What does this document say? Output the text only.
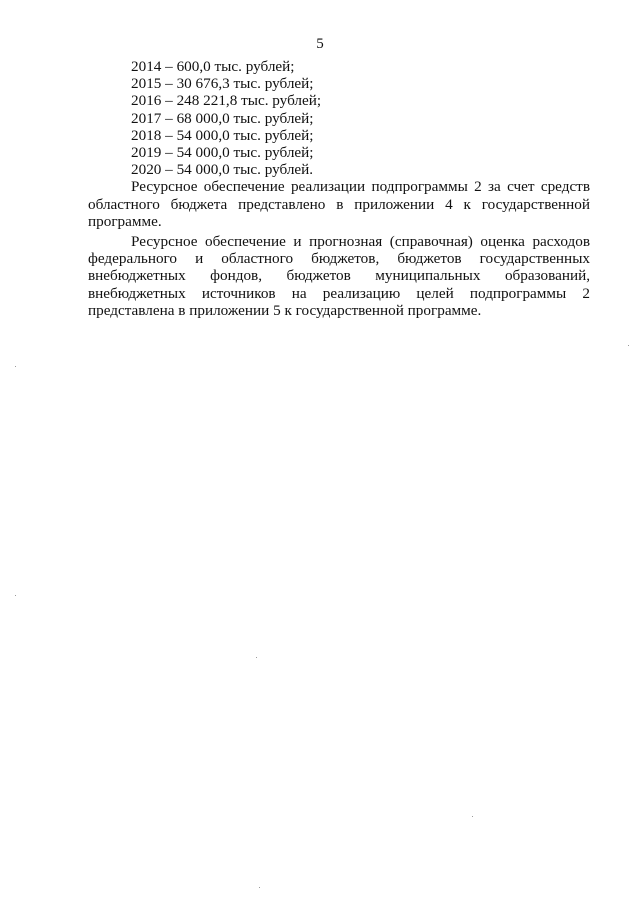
5
2014 – 600,0 тыс. рублей;
2015 – 30 676,3 тыс. рублей;
2016 – 248 221,8 тыс. рублей;
2017 – 68 000,0 тыс. рублей;
2018 – 54 000,0 тыс. рублей;
2019 – 54 000,0 тыс. рублей;
2020 – 54 000,0 тыс. рублей.

Ресурсное обеспечение реализации подпрограммы 2 за счет средств областного бюджета представлено в приложении 4 к государственной программе.

Ресурсное обеспечение и прогнозная (справочная) оценка расходов федерального и областного бюджетов, бюджетов государственных внебюджетных фондов, бюджетов муниципальных образований, внебюджетных источников на реализацию целей подпрограммы 2 представлена в приложении 5 к государственной программе.
